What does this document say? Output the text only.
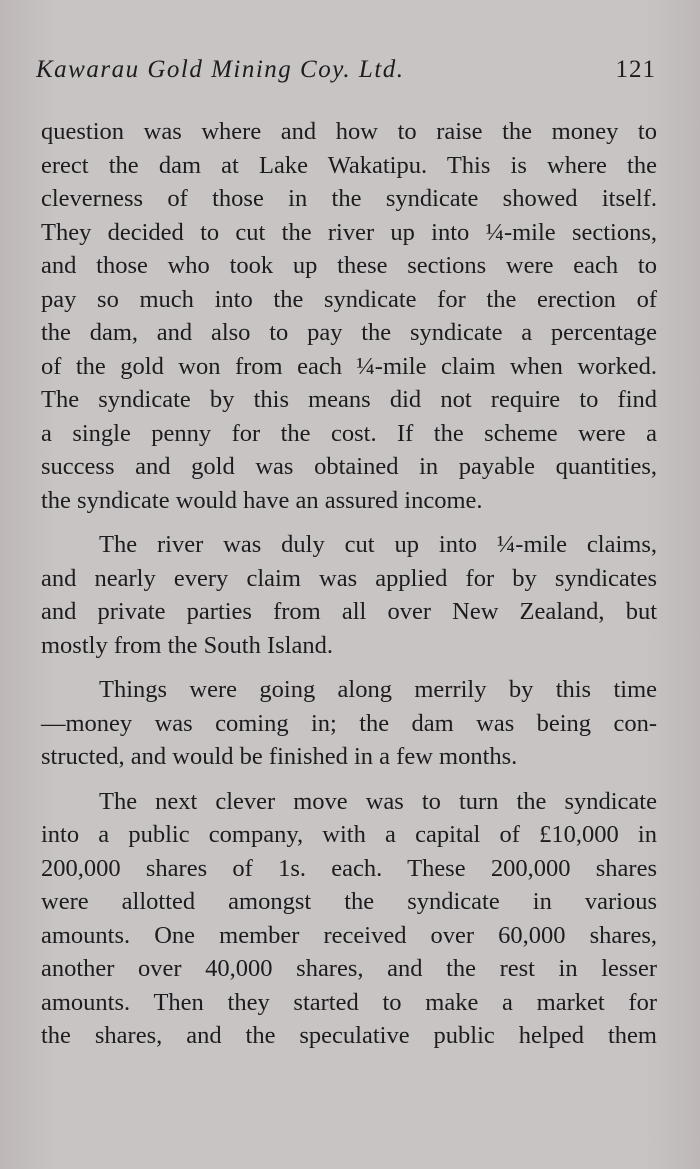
Kawarau Gold Mining Coy. Ltd.	121
question was where and how to raise the money to
erect the dam at Lake Wakatipu. This is where the
cleverness of those in the syndicate showed itself.
They decided to cut the river up into ¼-mile sections,
and those who took up these sections were each to
pay so much into the syndicate for the erection of
the dam, and also to pay the syndicate a percentage
of the gold won from each ¼-mile claim when worked.
The syndicate by this means did not require to find
a single penny for the cost. If the scheme were a
success and gold was obtained in payable quantities,
the syndicate would have an assured income.
The river was duly cut up into ¼-mile claims,
and nearly every claim was applied for by syndicates
and private parties from all over New Zealand, but
mostly from the South Island.
Things were going along merrily by this time
—money was coming in; the dam was being con-
structed, and would be finished in a few months.
The next clever move was to turn the syndicate
into a public company, with a capital of £10,000 in
200,000 shares of 1s. each. These 200,000 shares
were allotted amongst the syndicate in various
amounts. One member received over 60,000 shares,
another over 40,000 shares, and the rest in lesser
amounts. Then they started to make a market for
the shares, and the speculative public helped them
